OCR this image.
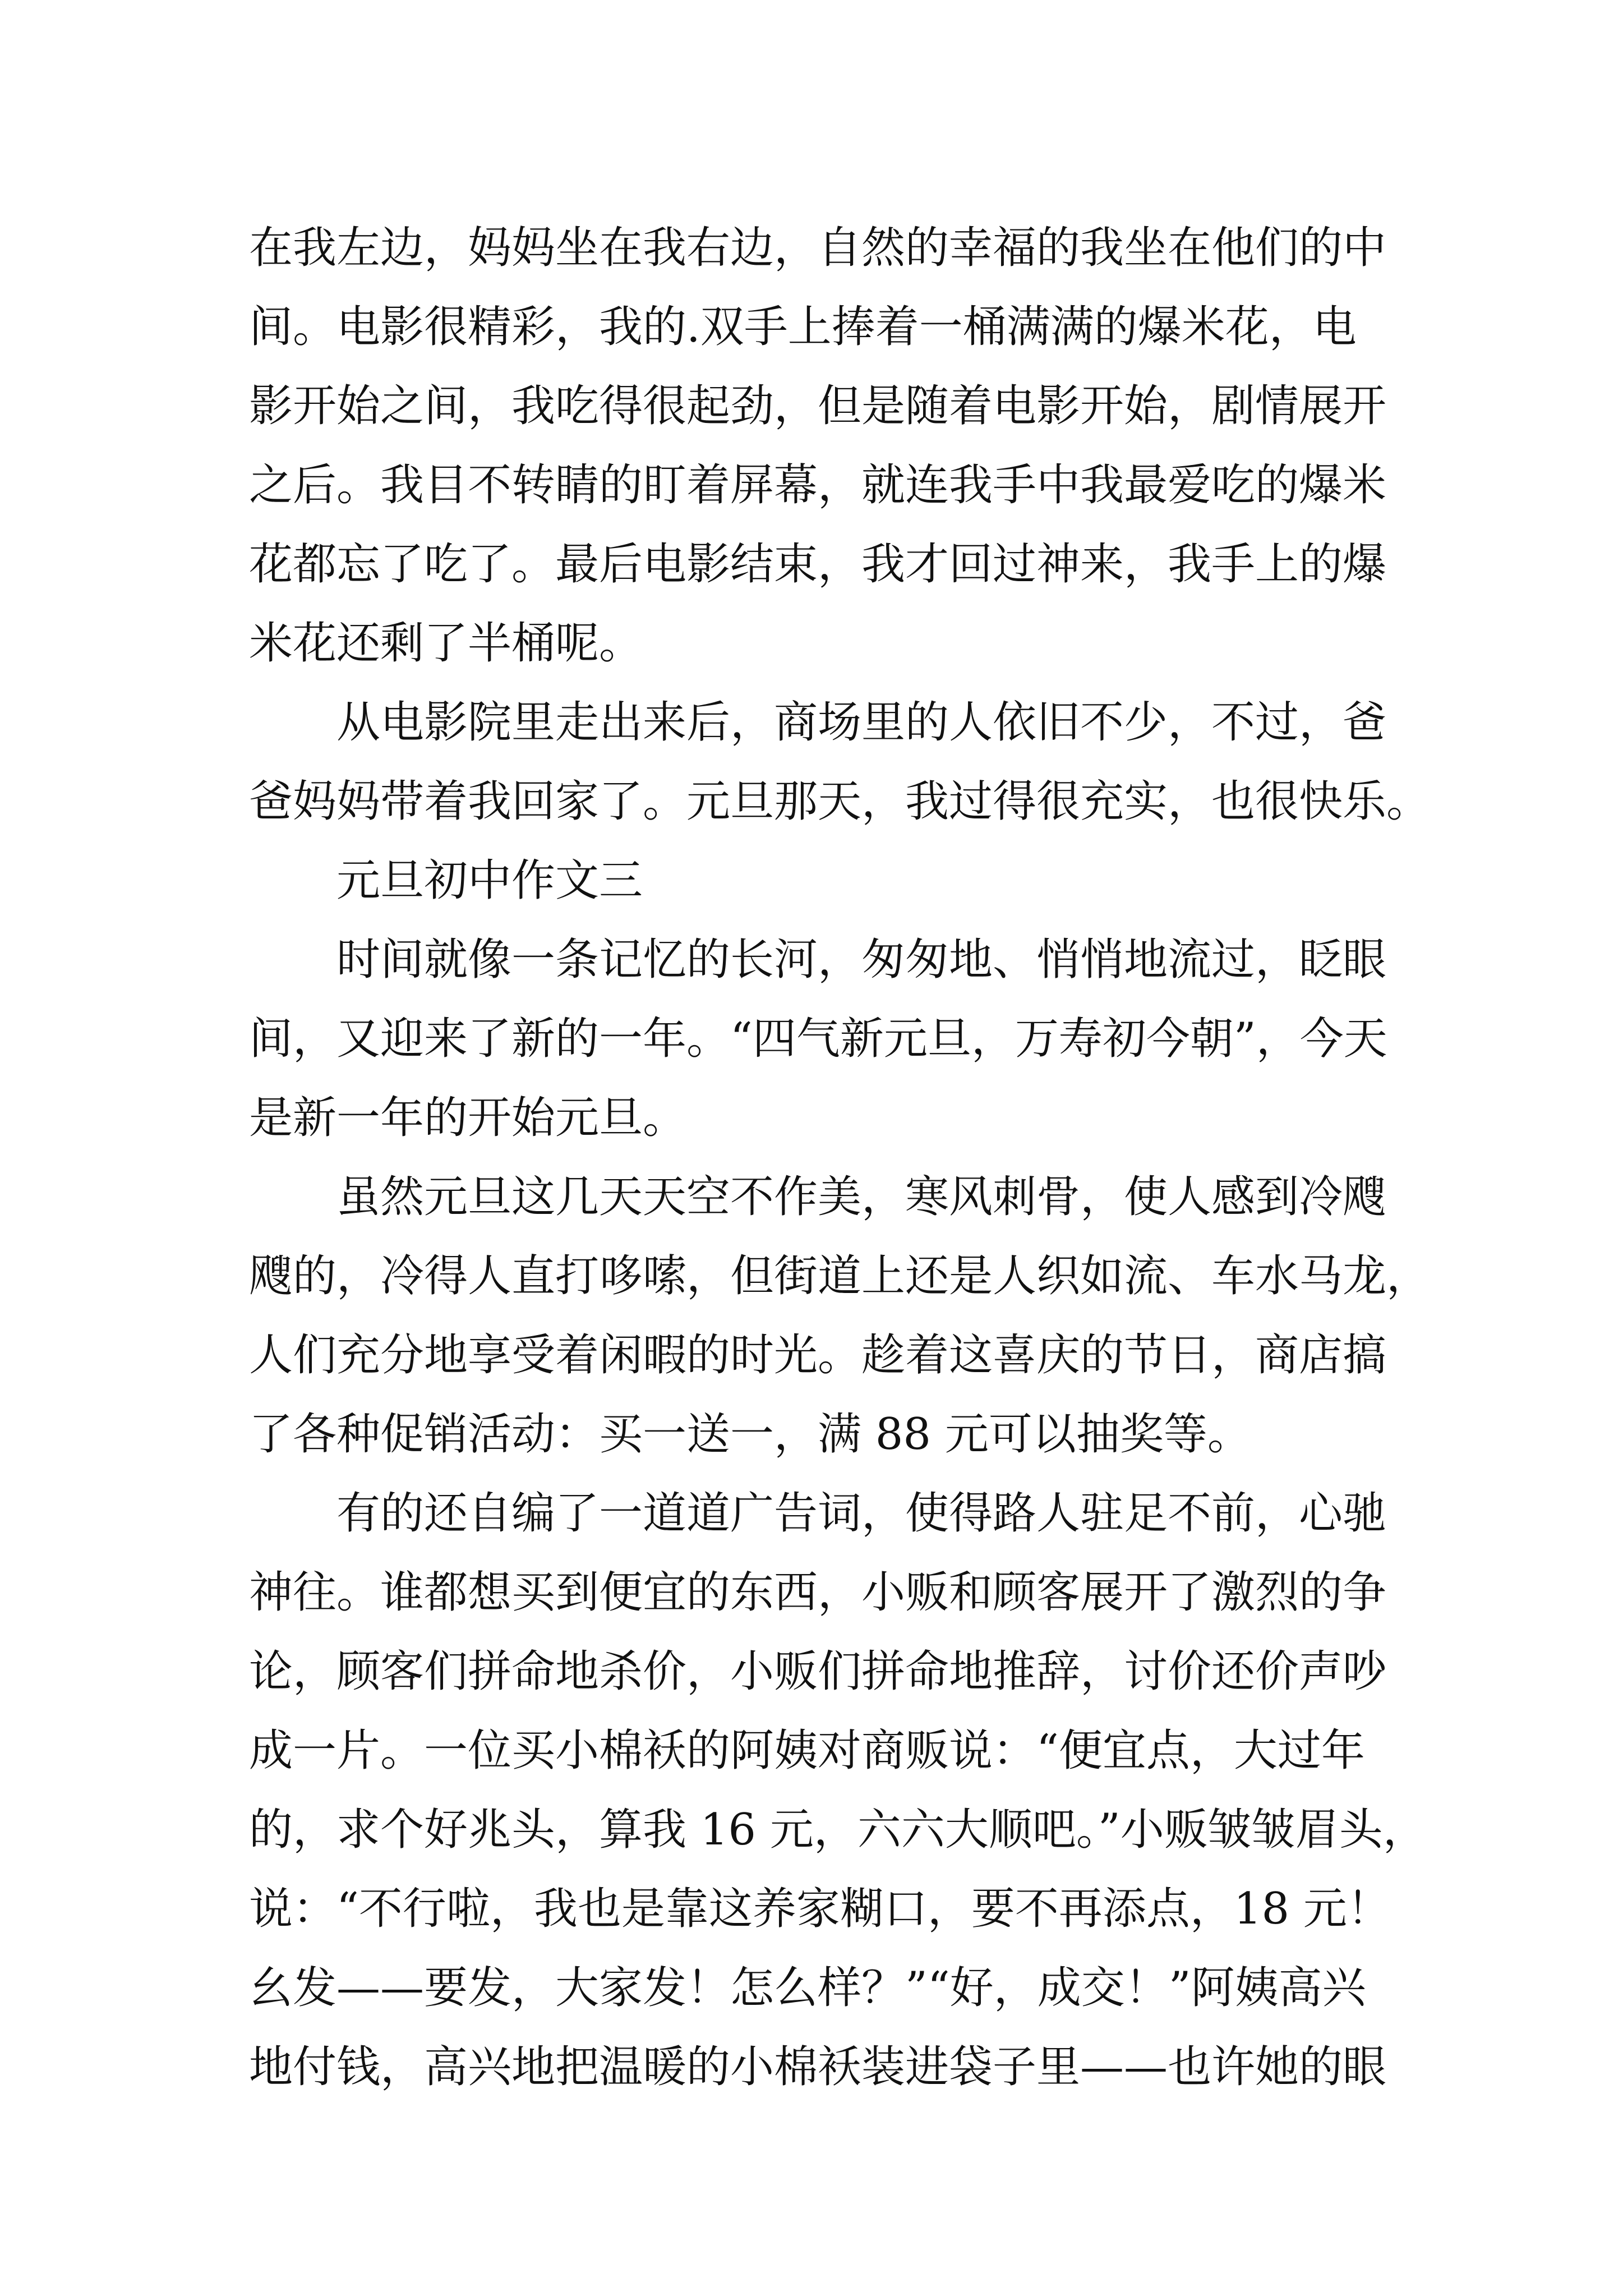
在我左边，妈妈坐在我右边，自然的幸福的我坐在他们的中
间。电影很精彩，我的.双手上捧着一桶满满的爆米花，电
影开始之间，我吃得很起劲，但是随着电影开始，剧情展开
之后。我目不转睛的盯着屏幕，就连我手中我最爱吃的爆米
花都忘了吃了。最后电影结束，我才回过神来，我手上的爆
米花还剩了半桶呢。
从电影院里走出来后，商场里的人依旧不少，不过，爸
爸妈妈带着我回家了。元旦那天，我过得很充实，也很快乐。
元旦初中作文三
时间就像一条记忆的长河，匆匆地、悄悄地流过，眨眼
间，又迎来了新的一年。“四气新元旦，万寿初今朝”，今天
是新一年的开始元旦。
虽然元旦这几天天空不作美，寒风刺骨，使人感到冷飕
飕的，冷得人直打哆嗦，但街道上还是人织如流、车水马龙，
人们充分地享受着闲暇的时光。趁着这喜庆的节日，商店搞
了各种促销活动：买一送一，满 88 元可以抽奖等。
有的还自编了一道道广告词，使得路人驻足不前，心驰
神往。谁都想买到便宜的东西，小贩和顾客展开了激烈的争
论，顾客们拼命地杀价，小贩们拼命地推辞，讨价还价声吵
成一片。一位买小棉袄的阿姨对商贩说：“便宜点，大过年
的，求个好兆头，算我 16 元，六六大顺吧。”小贩皱皱眉头，
说：“不行啦，我也是靠这养家糊口，要不再添点，18 元！
幺发——要发，大家发！怎么样？”“好，成交！”阿姨高兴
地付钱，高兴地把温暖的小棉袄装进袋子里——也许她的眼
